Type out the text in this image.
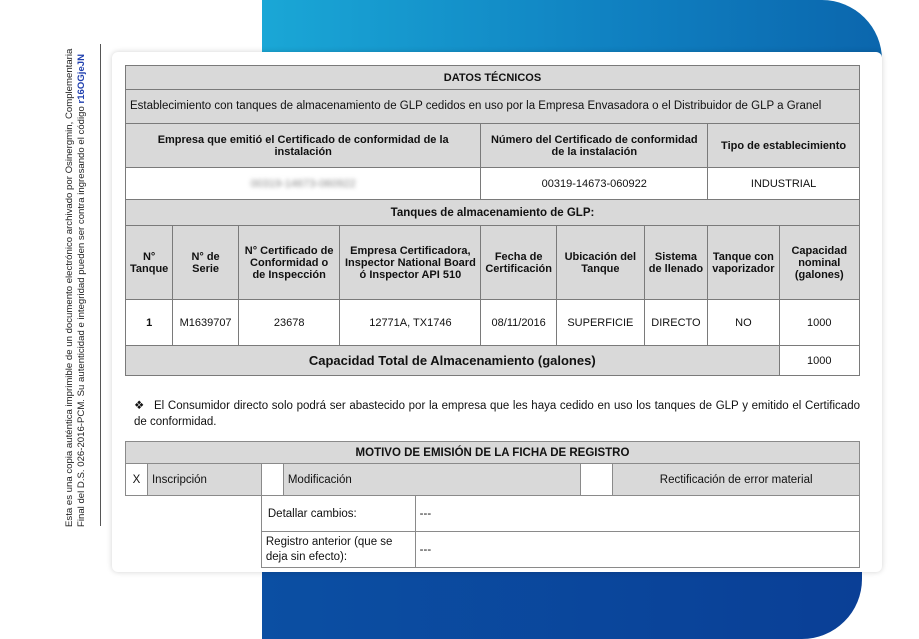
Esta es una copia auténtica imprimible de un documento electrónico archivado por Osinergmin, Complementaria Final del D.S. 026-2016-PCM. Su autenticidad e integridad pueden ser contra ingresando el código r16OGjeJN	DATOS TÉCNICOS								
Establecimiento con tanques de almacenamiento de GLP cedidos en uso por la Empresa Envasadora o el Distribuidor de GLP a Granel								
Empresa que emitió el Certificado de conformidad de la instalación				Número del Certificado de conformidad de la instalación			Tipo de establecimiento	
00319-14673-060922				00319-14673-060922			INDUSTRIAL	
Tanques de almacenamiento de GLP:								
N° Tanque	N° de Serie	N° Certificado de Conformidad o de Inspección	Empresa Certificadora, Inspector National Board ó Inspector API 510	Fecha de Certificación	Ubicación del Tanque	Sistema de llenado	Tanque con vaporizador	Capacidad nominal (galones)
1	M1639707	23678	12771A, TX1746	08/11/2016	SUPERFICIE	DIRECTO	NO	1000
Capacidad Total de Almacenamiento (galones)								1000
❖ El Consumidor directo solo podrá ser abastecido por la empresa que les haya cedido en uso los tanques de GLP y emitido el Certificado de conformidad.
MOTIVO DE EMISIÓN DE LA FICHA DE REGISTRO						
X	Inscripción		Modificación			Rectificación de error material
		Detallar cambios:		---		
		Registro anterior (que se deja sin efecto):		---		
